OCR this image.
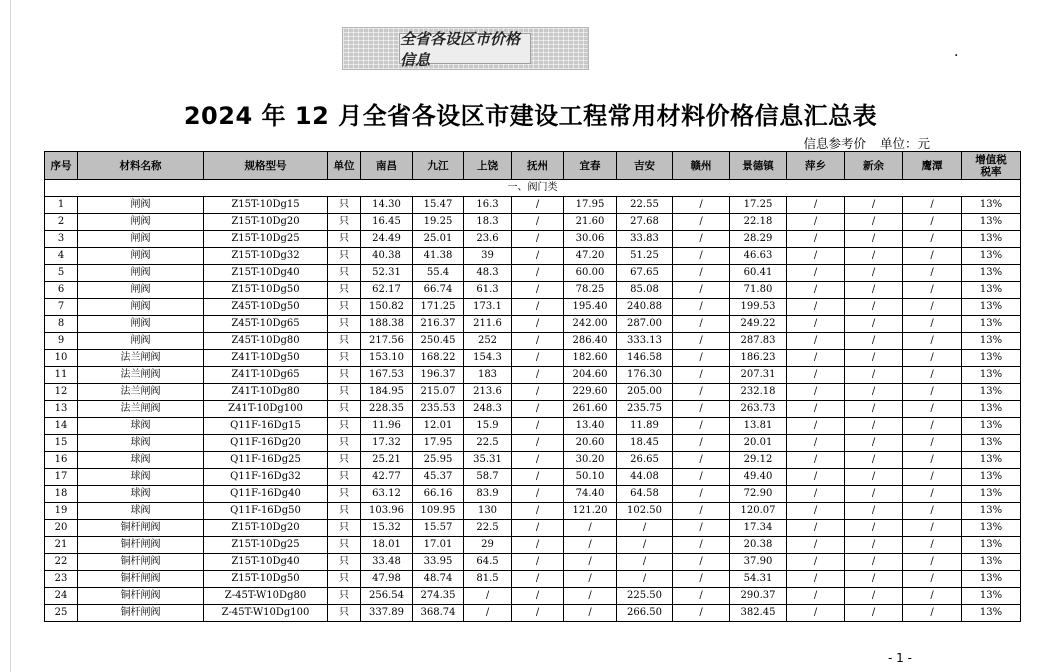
全省各设区市价格信息	.
2024 年 12 月全省各设区市建设工程常用材料价格信息汇总表
信息参考价 单位：元
序号	材料名称	规格型号	单位	南昌	九江	上饶	抚州	宜春	吉安	赣州	景德镇	萍乡	新余	鹰潭	增值税
税率
一、阀门类															
1	闸阀	Z15T-10Dg15	只	14.30	15.47	16.3	/	17.95	22.55	/	17.25	/	/	/	13%
2	闸阀	Z15T-10Dg20	只	16.45	19.25	18.3	/	21.60	27.68	/	22.18	/	/	/	13%
3	闸阀	Z15T-10Dg25	只	24.49	25.01	23.6	/	30.06	33.83	/	28.29	/	/	/	13%
4	闸阀	Z15T-10Dg32	只	40.38	41.38	39	/	47.20	51.25	/	46.63	/	/	/	13%
5	闸阀	Z15T-10Dg40	只	52.31	55.4	48.3	/	60.00	67.65	/	60.41	/	/	/	13%
6	闸阀	Z15T-10Dg50	只	62.17	66.74	61.3	/	78.25	85.08	/	71.80	/	/	/	13%
7	闸阀	Z45T-10Dg50	只	150.82	171.25	173.1	/	195.40	240.88	/	199.53	/	/	/	13%
8	闸阀	Z45T-10Dg65	只	188.38	216.37	211.6	/	242.00	287.00	/	249.22	/	/	/	13%
9	闸阀	Z45T-10Dg80	只	217.56	250.45	252	/	286.40	333.13	/	287.83	/	/	/	13%
10	法兰闸阀	Z41T-10Dg50	只	153.10	168.22	154.3	/	182.60	146.58	/	186.23	/	/	/	13%
11	法兰闸阀	Z41T-10Dg65	只	167.53	196.37	183	/	204.60	176.30	/	207.31	/	/	/	13%
12	法兰闸阀	Z41T-10Dg80	只	184.95	215.07	213.6	/	229.60	205.00	/	232.18	/	/	/	13%
13	法兰闸阀	Z41T-10Dg100	只	228.35	235.53	248.3	/	261.60	235.75	/	263.73	/	/	/	13%
14	球阀	Q11F-16Dg15	只	11.96	12.01	15.9	/	13.40	11.89	/	13.81	/	/	/	13%
15	球阀	Q11F-16Dg20	只	17.32	17.95	22.5	/	20.60	18.45	/	20.01	/	/	/	13%
16	球阀	Q11F-16Dg25	只	25.21	25.95	35.31	/	30.20	26.65	/	29.12	/	/	/	13%
17	球阀	Q11F-16Dg32	只	42.77	45.37	58.7	/	50.10	44.08	/	49.40	/	/	/	13%
18	球阀	Q11F-16Dg40	只	63.12	66.16	83.9	/	74.40	64.58	/	72.90	/	/	/	13%
19	球阀	Q11F-16Dg50	只	103.96	109.95	130	/	121.20	102.50	/	120.07	/	/	/	13%
20	铜杆闸阀	Z15T-10Dg20	只	15.32	15.57	22.5	/	/	/	/	17.34	/	/	/	13%
21	铜杆闸阀	Z15T-10Dg25	只	18.01	17.01	29	/	/	/	/	20.38	/	/	/	13%
22	铜杆闸阀	Z15T-10Dg40	只	33.48	33.95	64.5	/	/	/	/	37.90	/	/	/	13%
23	铜杆闸阀	Z15T-10Dg50	只	47.98	48.74	81.5	/	/	/	/	54.31	/	/	/	13%
24	铜杆闸阀	Z-45T-W10Dg80	只	256.54	274.35	/	/	/	225.50	/	290.37	/	/	/	13%
25	铜杆闸阀	Z-45T-W10Dg100	只	337.89	368.74	/	/	/	266.50	/	382.45	/	/	/	13%
- 1 -
